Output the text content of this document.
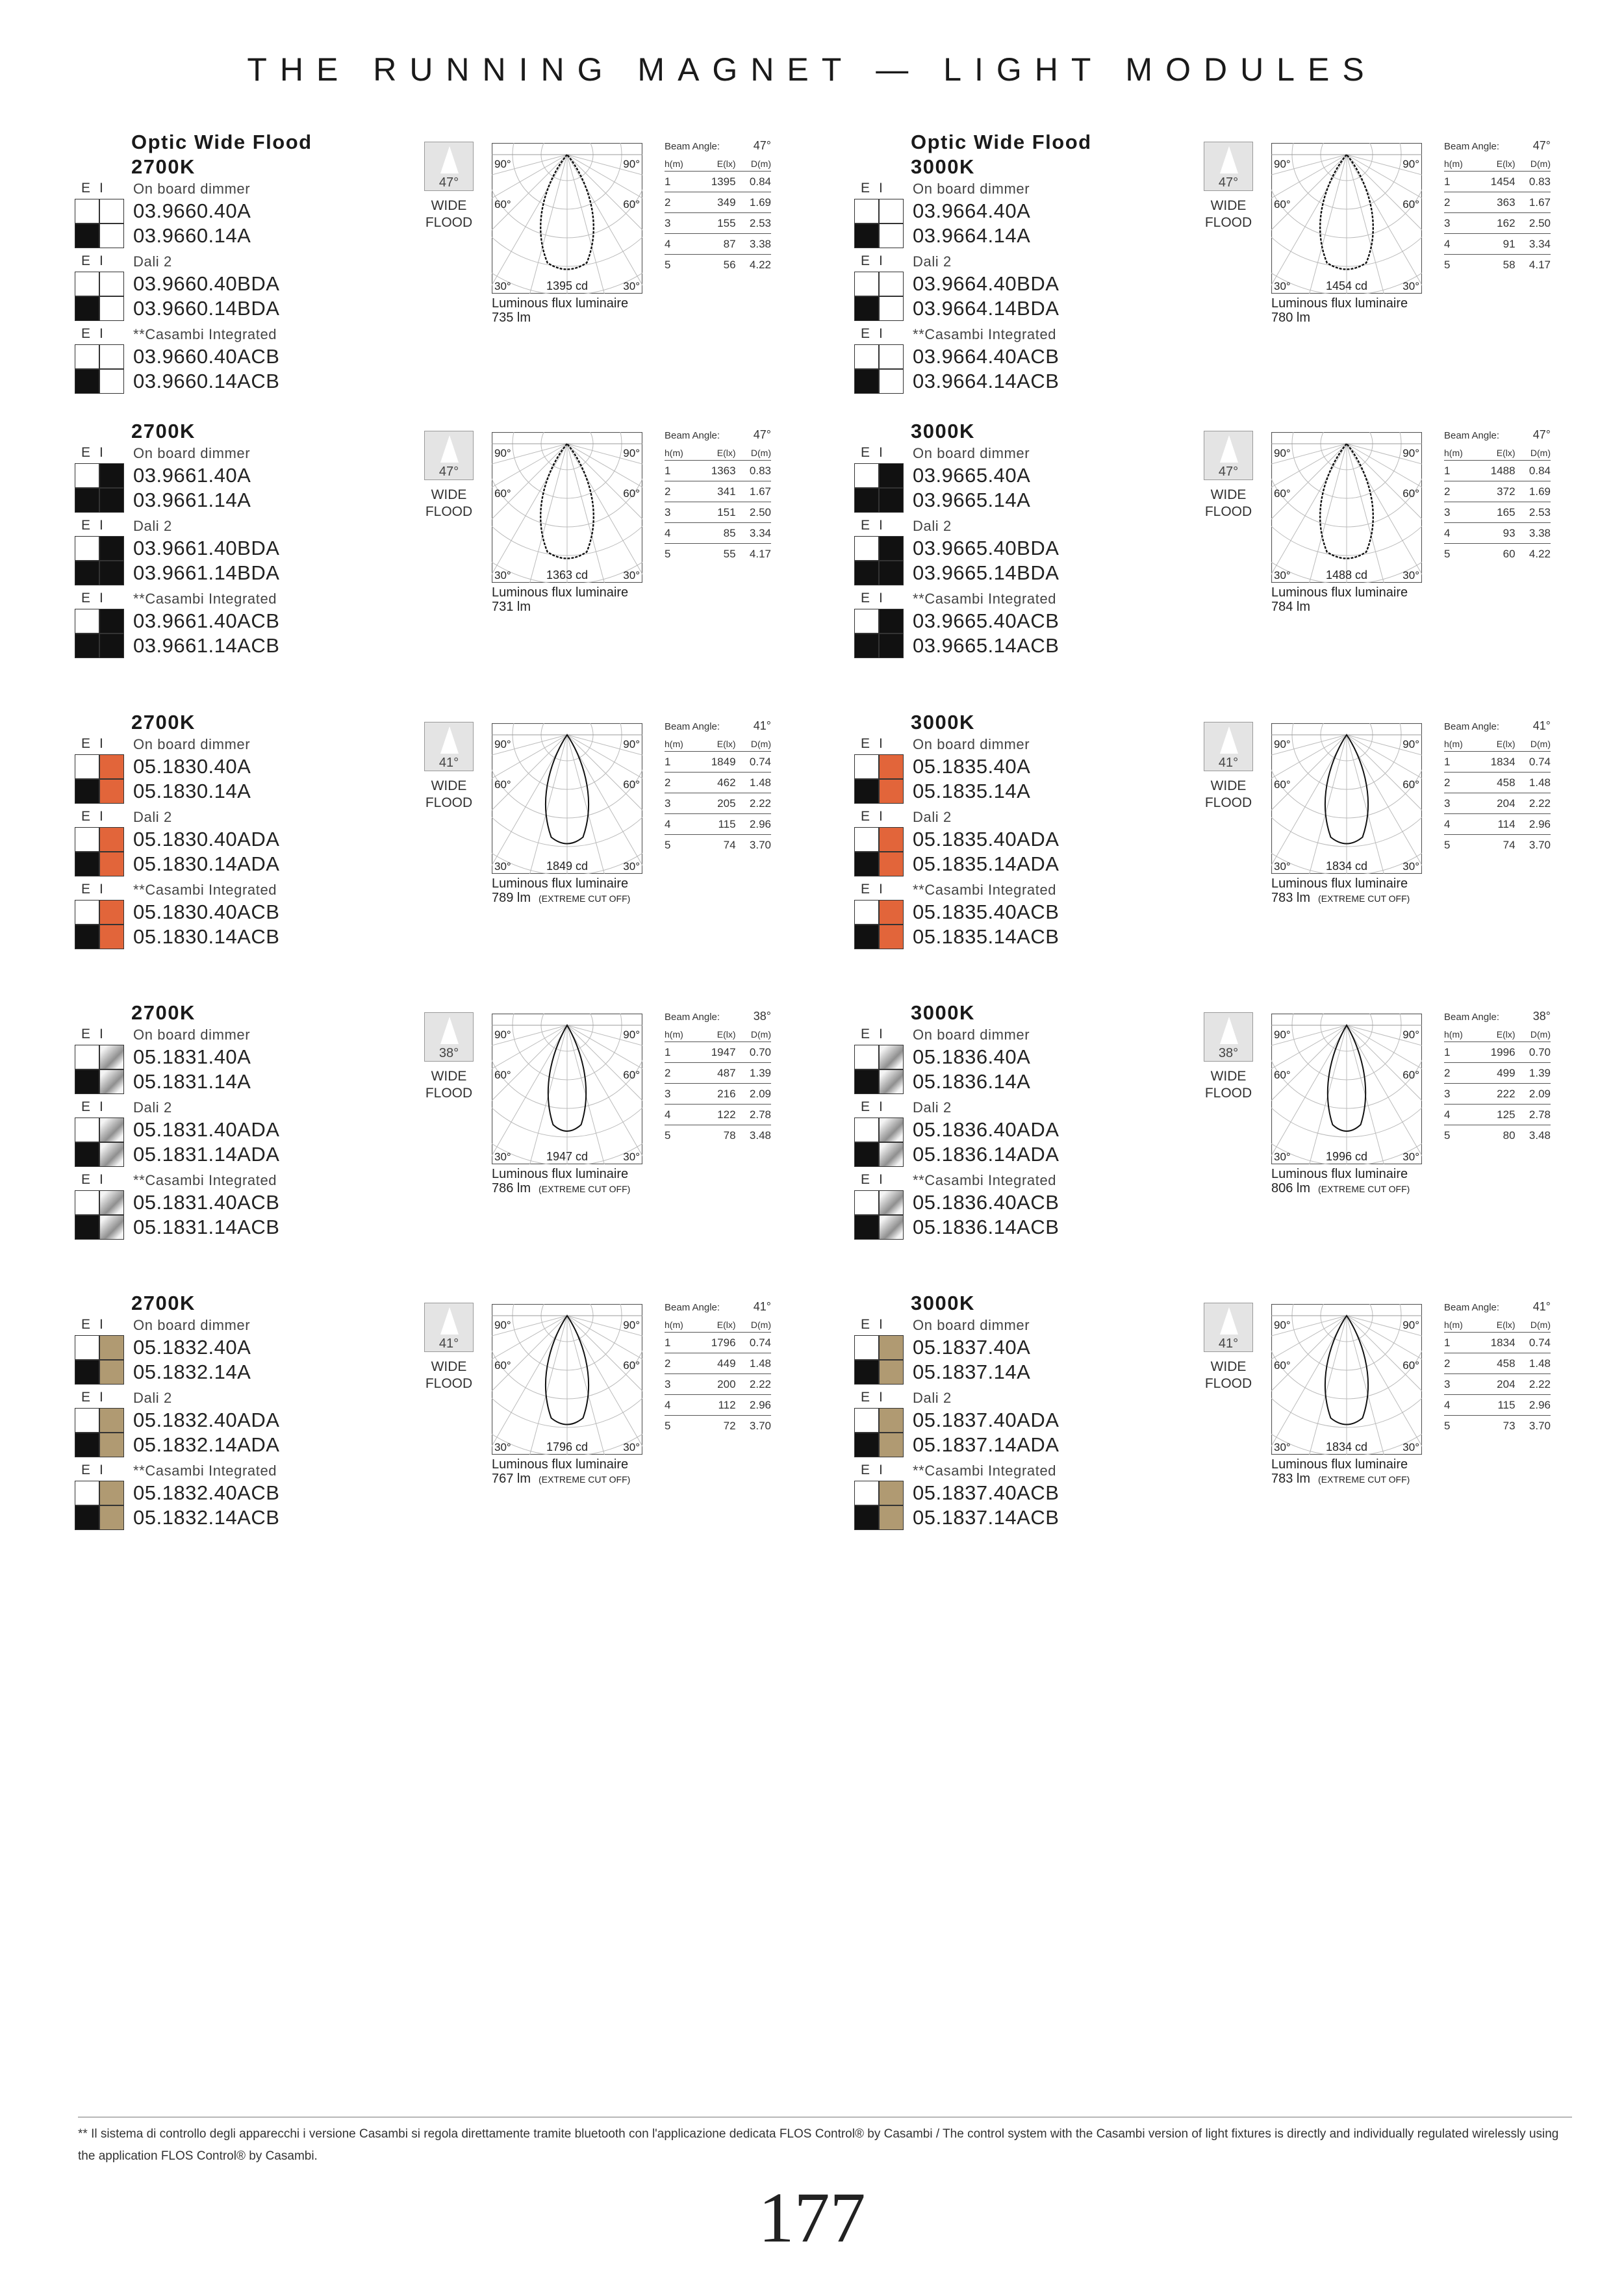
THE RUNNING MAGNET — LIGHT MODULES
Optic Wide Flood
2700K
E I	On board dimmer
03.9660.40A
03.9660.14A
E I	Dali 2
03.9660.40BDA
03.9660.14BDA
E I	**Casambi Integrated
03.9660.40ACB
03.9660.14ACB
47°
WIDE
FLOOD
90°	90°
60°	60°
30°	30°
1395 cd
Luminous flux luminaire
735 lm
Beam Angle:	47°
h(m)	E(lx)	D(m)
1	1395	0.84
2	349	1.69
3	155	2.53
4	87	3.38
5	56	4.22
Optic Wide Flood
3000K
E I	On board dimmer
03.9664.40A
03.9664.14A
E I	Dali 2
03.9664.40BDA
03.9664.14BDA
E I	**Casambi Integrated
03.9664.40ACB
03.9664.14ACB
47°
WIDE
FLOOD
90°	90°
60°	60°
30°	30°
1454 cd
Luminous flux luminaire
780 lm
Beam Angle:	47°
h(m)	E(lx)	D(m)
1	1454	0.83
2	363	1.67
3	162	2.50
4	91	3.34
5	58	4.17
2700K
E I	On board dimmer
03.9661.40A
03.9661.14A
E I	Dali 2
03.9661.40BDA
03.9661.14BDA
E I	**Casambi Integrated
03.9661.40ACB
03.9661.14ACB
47°
WIDE
FLOOD
90°	90°
60°	60°
30°	30°
1363 cd
Luminous flux luminaire
731 lm
Beam Angle:	47°
h(m)	E(lx)	D(m)
1	1363	0.83
2	341	1.67
3	151	2.50
4	85	3.34
5	55	4.17
3000K
E I	On board dimmer
03.9665.40A
03.9665.14A
E I	Dali 2
03.9665.40BDA
03.9665.14BDA
E I	**Casambi Integrated
03.9665.40ACB
03.9665.14ACB
47°
WIDE
FLOOD
90°	90°
60°	60°
30°	30°
1488 cd
Luminous flux luminaire
784 lm
Beam Angle:	47°
h(m)	E(lx)	D(m)
1	1488	0.84
2	372	1.69
3	165	2.53
4	93	3.38
5	60	4.22
2700K
E I	On board dimmer
05.1830.40A
05.1830.14A
E I	Dali 2
05.1830.40ADA
05.1830.14ADA
E I	**Casambi Integrated
05.1830.40ACB
05.1830.14ACB
41°
WIDE
FLOOD
90°	90°
60°	60°
30°	30°
1849 cd
Luminous flux luminaire
789 lm (EXTREME CUT OFF)
Beam Angle:	41°
h(m)	E(lx)	D(m)
1	1849	0.74
2	462	1.48
3	205	2.22
4	115	2.96
5	74	3.70
3000K
E I	On board dimmer
05.1835.40A
05.1835.14A
E I	Dali 2
05.1835.40ADA
05.1835.14ADA
E I	**Casambi Integrated
05.1835.40ACB
05.1835.14ACB
41°
WIDE
FLOOD
90°	90°
60°	60°
30°	30°
1834 cd
Luminous flux luminaire
783 lm (EXTREME CUT OFF)
Beam Angle:	41°
h(m)	E(lx)	D(m)
1	1834	0.74
2	458	1.48
3	204	2.22
4	114	2.96
5	74	3.70
2700K
E I	On board dimmer
05.1831.40A
05.1831.14A
E I	Dali 2
05.1831.40ADA
05.1831.14ADA
E I	**Casambi Integrated
05.1831.40ACB
05.1831.14ACB
38°
WIDE
FLOOD
90°	90°
60°	60°
30°	30°
1947 cd
Luminous flux luminaire
786 lm (EXTREME CUT OFF)
Beam Angle:	38°
h(m)	E(lx)	D(m)
1	1947	0.70
2	487	1.39
3	216	2.09
4	122	2.78
5	78	3.48
3000K
E I	On board dimmer
05.1836.40A
05.1836.14A
E I	Dali 2
05.1836.40ADA
05.1836.14ADA
E I	**Casambi Integrated
05.1836.40ACB
05.1836.14ACB
38°
WIDE
FLOOD
90°	90°
60°	60°
30°	30°
1996 cd
Luminous flux luminaire
806 lm (EXTREME CUT OFF)
Beam Angle:	38°
h(m)	E(lx)	D(m)
1	1996	0.70
2	499	1.39
3	222	2.09
4	125	2.78
5	80	3.48
2700K
E I	On board dimmer
05.1832.40A
05.1832.14A
E I	Dali 2
05.1832.40ADA
05.1832.14ADA
E I	**Casambi Integrated
05.1832.40ACB
05.1832.14ACB
41°
WIDE
FLOOD
90°	90°
60°	60°
30°	30°
1796 cd
Luminous flux luminaire
767 lm (EXTREME CUT OFF)
Beam Angle:	41°
h(m)	E(lx)	D(m)
1	1796	0.74
2	449	1.48
3	200	2.22
4	112	2.96
5	72	3.70
3000K
E I	On board dimmer
05.1837.40A
05.1837.14A
E I	Dali 2
05.1837.40ADA
05.1837.14ADA
E I	**Casambi Integrated
05.1837.40ACB
05.1837.14ACB
41°
WIDE
FLOOD
90°	90°
60°	60°
30°	30°
1834 cd
Luminous flux luminaire
783 lm (EXTREME CUT OFF)
Beam Angle:	41°
h(m)	E(lx)	D(m)
1	1834	0.74
2	458	1.48
3	204	2.22
4	115	2.96
5	73	3.70
** Il sistema di controllo degli apparecchi i versione Casambi si regola direttamente tramite bluetooth con l'applicazione dedicata FLOS Control® by Casambi / The control system with the Casambi version of light fixtures is directly and individually regulated wirelessly using the application FLOS Control® by Casambi.
177
